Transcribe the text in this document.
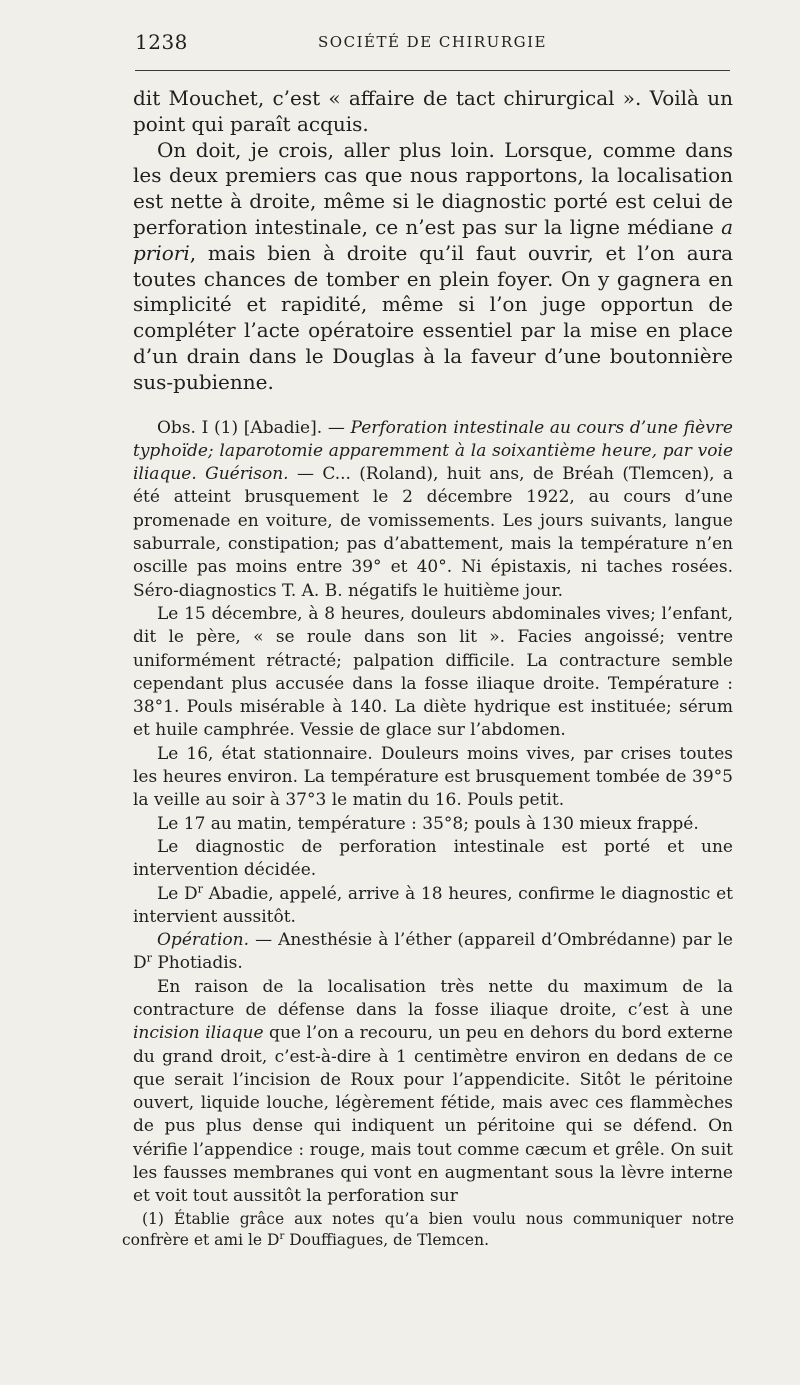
1238	SOCIÉTÉ DE CHIRURGIE

dit Mouchet, c’est « affaire de tact chirurgical ». Voilà un point qui paraît acquis.

On doit, je crois, aller plus loin. Lorsque, comme dans les deux premiers cas que nous rapportons, la localisation est nette à droite, même si le diagnostic porté est celui de perforation intestinale, ce n’est pas sur la ligne médiane a priori, mais bien à droite qu’il faut ouvrir, et l’on aura toutes chances de tomber en plein foyer. On y gagnera en simplicité et rapidité, même si l’on juge opportun de compléter l’acte opératoire essentiel par la mise en place d’un drain dans le Douglas à la faveur d’une boutonnière sus-pubienne.

Obs. I (1) [Abadie]. — Perforation intestinale au cours d’une fièvre typhoïde; laparotomie apparemment à la soixantième heure, par voie iliaque. Guérison. — C... (Roland), huit ans, de Bréah (Tlemcen), a été atteint brusquement le 2 décembre 1922, au cours d’une promenade en voiture, de vomissements. Les jours suivants, langue saburrale, constipation; pas d’abattement, mais la température n’en oscille pas moins entre 39° et 40°. Ni épistaxis, ni taches rosées. Séro-diagnostics T. A. B. négatifs le huitième jour.

Le 15 décembre, à 8 heures, douleurs abdominales vives; l’enfant, dit le père, « se roule dans son lit ». Facies angoissé; ventre uniformément rétracté; palpation difficile. La contracture semble cependant plus accusée dans la fosse iliaque droite. Température : 38°1. Pouls misérable à 140. La diète hydrique est instituée; sérum et huile camphrée. Vessie de glace sur l’abdomen.

Le 16, état stationnaire. Douleurs moins vives, par crises toutes les heures environ. La température est brusquement tombée de 39°5 la veille au soir à 37°3 le matin du 16. Pouls petit.

Le 17 au matin, température : 35°8; pouls à 130 mieux frappé.

Le diagnostic de perforation intestinale est porté et une intervention décidée.

Le $D^r$ Abadie, appelé, arrive à 18 heures, confirme le diagnostic et intervient aussitôt.

Opération. — Anesthésie à l’éther (appareil d’Ombrédanne) par le $D^r$ Photiadis.

En raison de la localisation très nette du maximum de la contracture de défense dans la fosse iliaque droite, c’est à une incision iliaque que l’on a recouru, un peu en dehors du bord externe du grand droit, c’est-à-dire à 1 centimètre environ en dedans de ce que serait l’incision de Roux pour l’appendicite. Sitôt le péritoine ouvert, liquide louche, légèrement fétide, mais avec ces flammèches de pus plus dense qui indiquent un péritoine qui se défend. On vérifie l’appendice : rouge, mais tout comme cæcum et grêle. On suit les fausses membranes qui vont en augmentant sous la lèvre interne et voit tout aussitôt la perforation sur

(1) Établie grâce aux notes qu’a bien voulu nous communiquer notre confrère et ami le $D^r$ Douffiagues, de Tlemcen.
